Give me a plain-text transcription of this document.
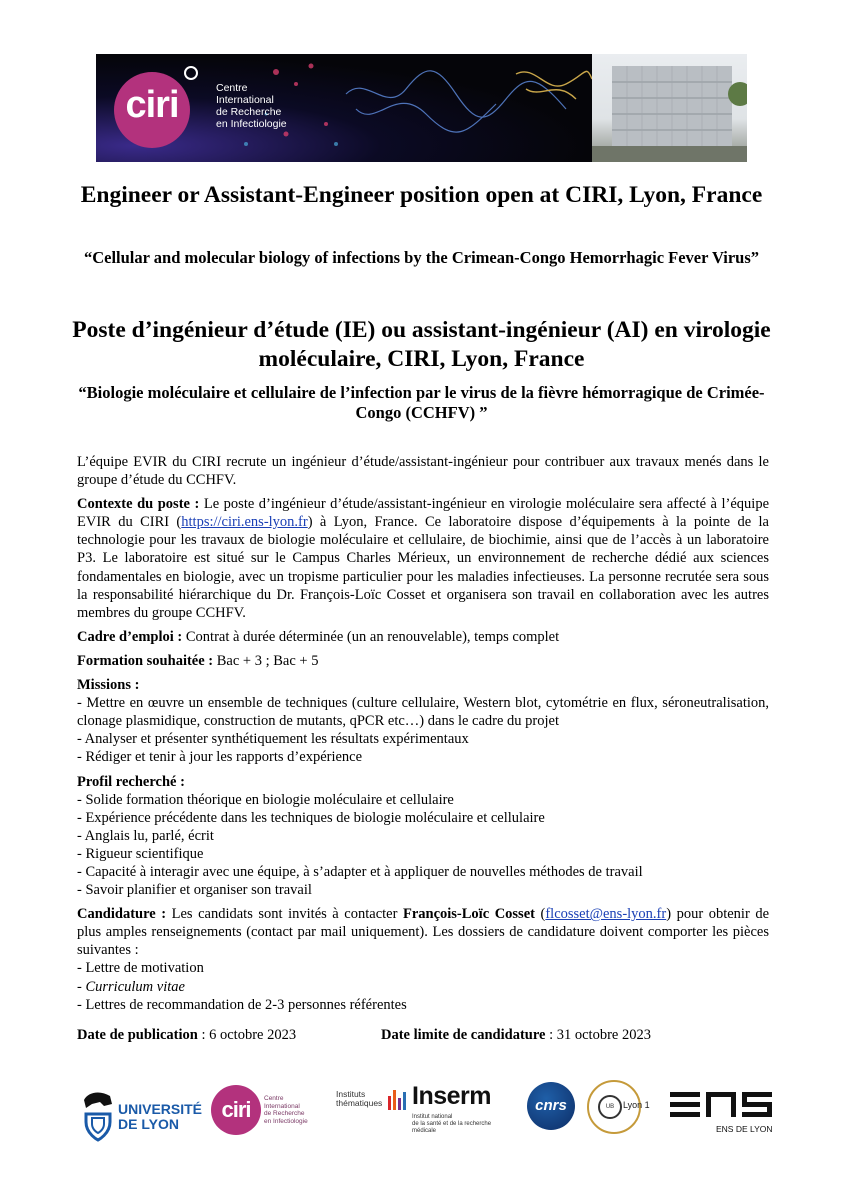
ciri	Centre
International
de Recherche
en Infectiologie
Engineer or Assistant-Engineer position open at CIRI, Lyon, France
“Cellular and molecular biology of infections by the Crimean-Congo Hemorrhagic Fever Virus”
Poste d’ingénieur d’étude (IE) ou assistant-ingénieur (AI) en virologie moléculaire, CIRI, Lyon, France
“Biologie moléculaire et cellulaire de l’infection par le virus de la fièvre hémorragique de Crimée-Congo (CCHFV) ”

L’équipe EVIR du CIRI recrute un ingénieur d’étude/assistant-ingénieur pour contribuer aux travaux menés dans le groupe d’étude du CCHFV.

Contexte du poste : Le poste d’ingénieur d’étude/assistant-ingénieur en virologie moléculaire sera affecté à l’équipe EVIR du CIRI (https://ciri.ens-lyon.fr) à Lyon, France. Ce laboratoire dispose d’équipements à la pointe de la technologie pour les travaux de biologie moléculaire et cellulaire, de biochimie, ainsi que de l’accès à un laboratoire P3. Le laboratoire est situé sur le Campus Charles Mérieux, un environnement de recherche dédié aux sciences fondamentales en biologie, avec un tropisme particulier pour les maladies infectieuses. La personne recrutée sera sous la responsabilité hiérarchique du Dr. François-Loïc Cosset et organisera son travail en collaboration avec les autres membres du groupe CCHFV.

Cadre d’emploi : Contrat à durée déterminée (un an renouvelable), temps complet

Formation souhaitée : Bac + 3 ; Bac + 5

Missions :
- Mettre en œuvre un ensemble de techniques (culture cellulaire, Western blot, cytométrie en flux, séroneutralisation, clonage plasmidique, construction de mutants, qPCR etc…) dans le cadre du projet
- Analyser et présenter synthétiquement les résultats expérimentaux
- Rédiger et tenir à jour les rapports d’expérience
Profil recherché :
- Solide formation théorique en biologie moléculaire et cellulaire
- Expérience précédente dans les techniques de biologie moléculaire et cellulaire
- Anglais lu, parlé, écrit
- Rigueur scientifique
- Capacité à interagir avec une équipe, à s’adapter et à appliquer de nouvelles méthodes de travail
- Savoir planifier et organiser son travail
Candidature : Les candidats sont invités à contacter François-Loïc Cosset (flcosset@ens-lyon.fr) pour obtenir de plus amples renseignements (contact par mail uniquement). Les dossiers de candidature doivent comporter les pièces suivantes :
- Lettre de motivation
- Curriculum vitae
- Lettres de recommandation de 2-3 personnes référentes
Date de publication : 6 octobre 2023	Date limite de candidature : 31 octobre 2023
UNIVERSITÉ
DE LYON
ciri	Centre
International
de Recherche
en Infectiologie
Instituts
thématiques Inserm
Institut national
de la santé et de la recherche médicale
cnrs	UB Lyon 1
ENS DE LYON
